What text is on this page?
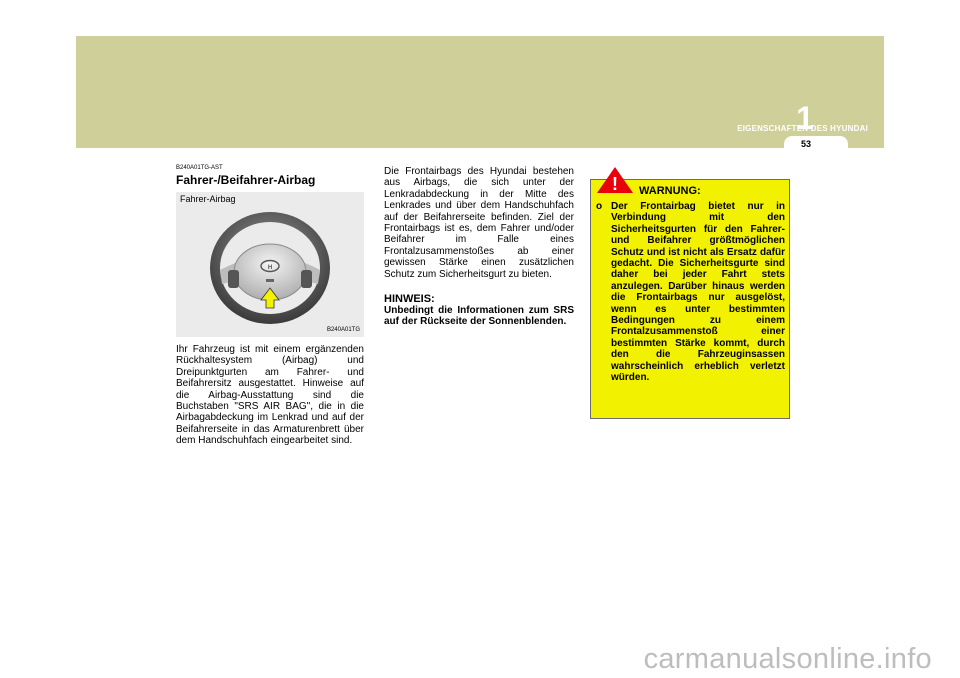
EIGENSCHAFTEN DES HYUNDAI
1
53
B240A01TG-AST
Fahrer-/Beifahrer-Airbag
Fahrer-Airbag
H
B240A01TG
Ihr Fahrzeug ist mit einem ergänzenden Rückhaltesystem (Airbag) und Dreipunktgurten am Fahrer- und Beifahrersitz ausgestattet. Hinweise auf die Airbag-Ausstattung sind die Buchstaben "SRS AIR BAG", die in die Airbagabdeckung im Lenkrad und auf der Beifahrerseite in das Armaturenbrett über dem Handschuhfach eingearbeitet sind.
Die Frontairbags des Hyundai bestehen aus Airbags, die sich unter der Lenkradabdeckung in der Mitte des Lenkrades und über dem Handschuhfach auf der Beifahrerseite befinden. Ziel der Frontairbags ist es, dem Fahrer und/oder Beifahrer im Falle eines Frontalzusammenstoßes ab einer gewissen Stärke einen zusätzlichen Schutz zum Sicherheitsgurt zu bieten.
HINWEIS:
Unbedingt die Informationen zum SRS auf der Rückseite der Sonnenblenden.
WARNUNG:
o Der Frontairbag bietet nur in Verbindung mit den Sicherheitsgurten für den Fahrer- und Beifahrer größtmöglichen Schutz und ist nicht als Ersatz dafür gedacht. Die Sicherheitsgurte sind daher bei jeder Fahrt stets anzulegen. Darüber hinaus werden die Frontairbags nur ausgelöst, wenn es unter bestimmten Bedingungen zu einem Frontalzusammenstoß einer bestimmten Stärke kommt, durch den die Fahrzeuginsassen wahrscheinlich erheblich verletzt würden.
!
carmanualsonline.info
